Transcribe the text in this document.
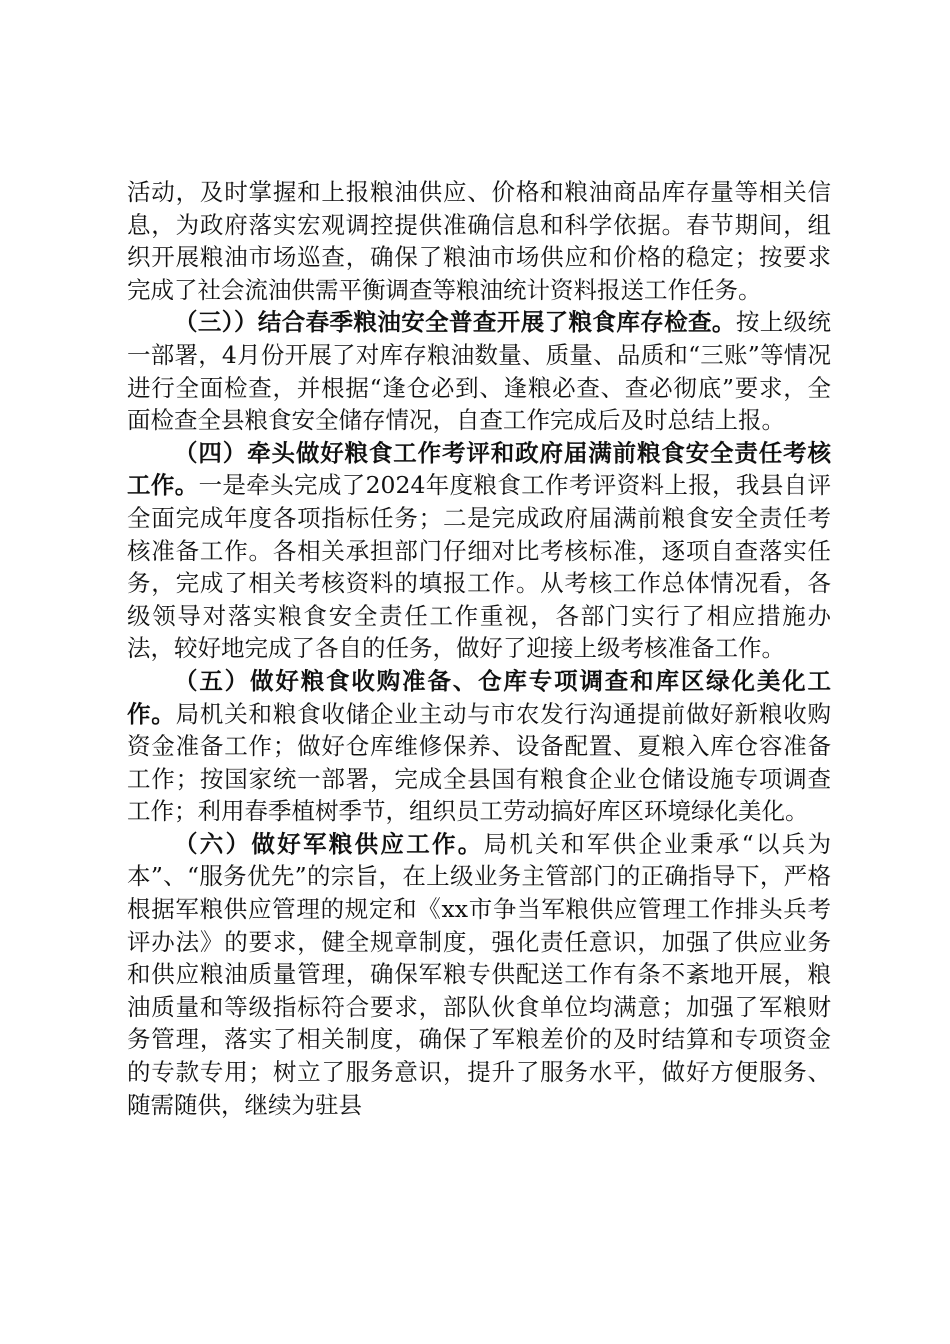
活动，及时掌握和上报粮油供应、价格和粮油商品库存量等相关信息，为政府落实宏观调控提供准确信息和科学依据。春节期间，组织开展粮油市场巡查，确保了粮油市场供应和价格的稳定；按要求完成了社会流油供需平衡调查等粮油统计资料报送工作任务。

（三））结合春季粮油安全普查开展了粮食库存检查。按上级统一部署，4月份开展了对库存粮油数量、质量、品质和“三账”等情况进行全面检查，并根据“逢仓必到、逢粮必查、查必彻底”要求，全面检查全县粮食安全储存情况，自查工作完成后及时总结上报。

（四）牵头做好粮食工作考评和政府届满前粮食安全责任考核工作。一是牵头完成了2024年度粮食工作考评资料上报，我县自评全面完成年度各项指标任务；二是完成政府届满前粮食安全责任考核准备工作。各相关承担部门仔细对比考核标准，逐项自查落实任务，完成了相关考核资料的填报工作。从考核工作总体情况看，各级领导对落实粮食安全责任工作重视，各部门实行了相应措施办法，较好地完成了各自的任务，做好了迎接上级考核准备工作。

（五）做好粮食收购准备、仓库专项调查和库区绿化美化工作。局机关和粮食收储企业主动与市农发行沟通提前做好新粮收购资金准备工作；做好仓库维修保养、设备配置、夏粮入库仓容准备工作；按国家统一部署，完成全县国有粮食企业仓储设施专项调查工作；利用春季植树季节，组织员工劳动搞好库区环境绿化美化。

（六）做好军粮供应工作。局机关和军供企业秉承“以兵为本”、“服务优先”的宗旨，在上级业务主管部门的正确指导下，严格根据军粮供应管理的规定和《xx市争当军粮供应管理工作排头兵考评办法》的要求，健全规章制度，强化责任意识，加强了供应业务和供应粮油质量管理，确保军粮专供配送工作有条不紊地开展，粮油质量和等级指标符合要求，部队伙食单位均满意；加强了军粮财务管理，落实了相关制度，确保了军粮差价的及时结算和专项资金的专款专用；树立了服务意识，提升了服务水平，做好方便服务、随需随供，继续为驻县
